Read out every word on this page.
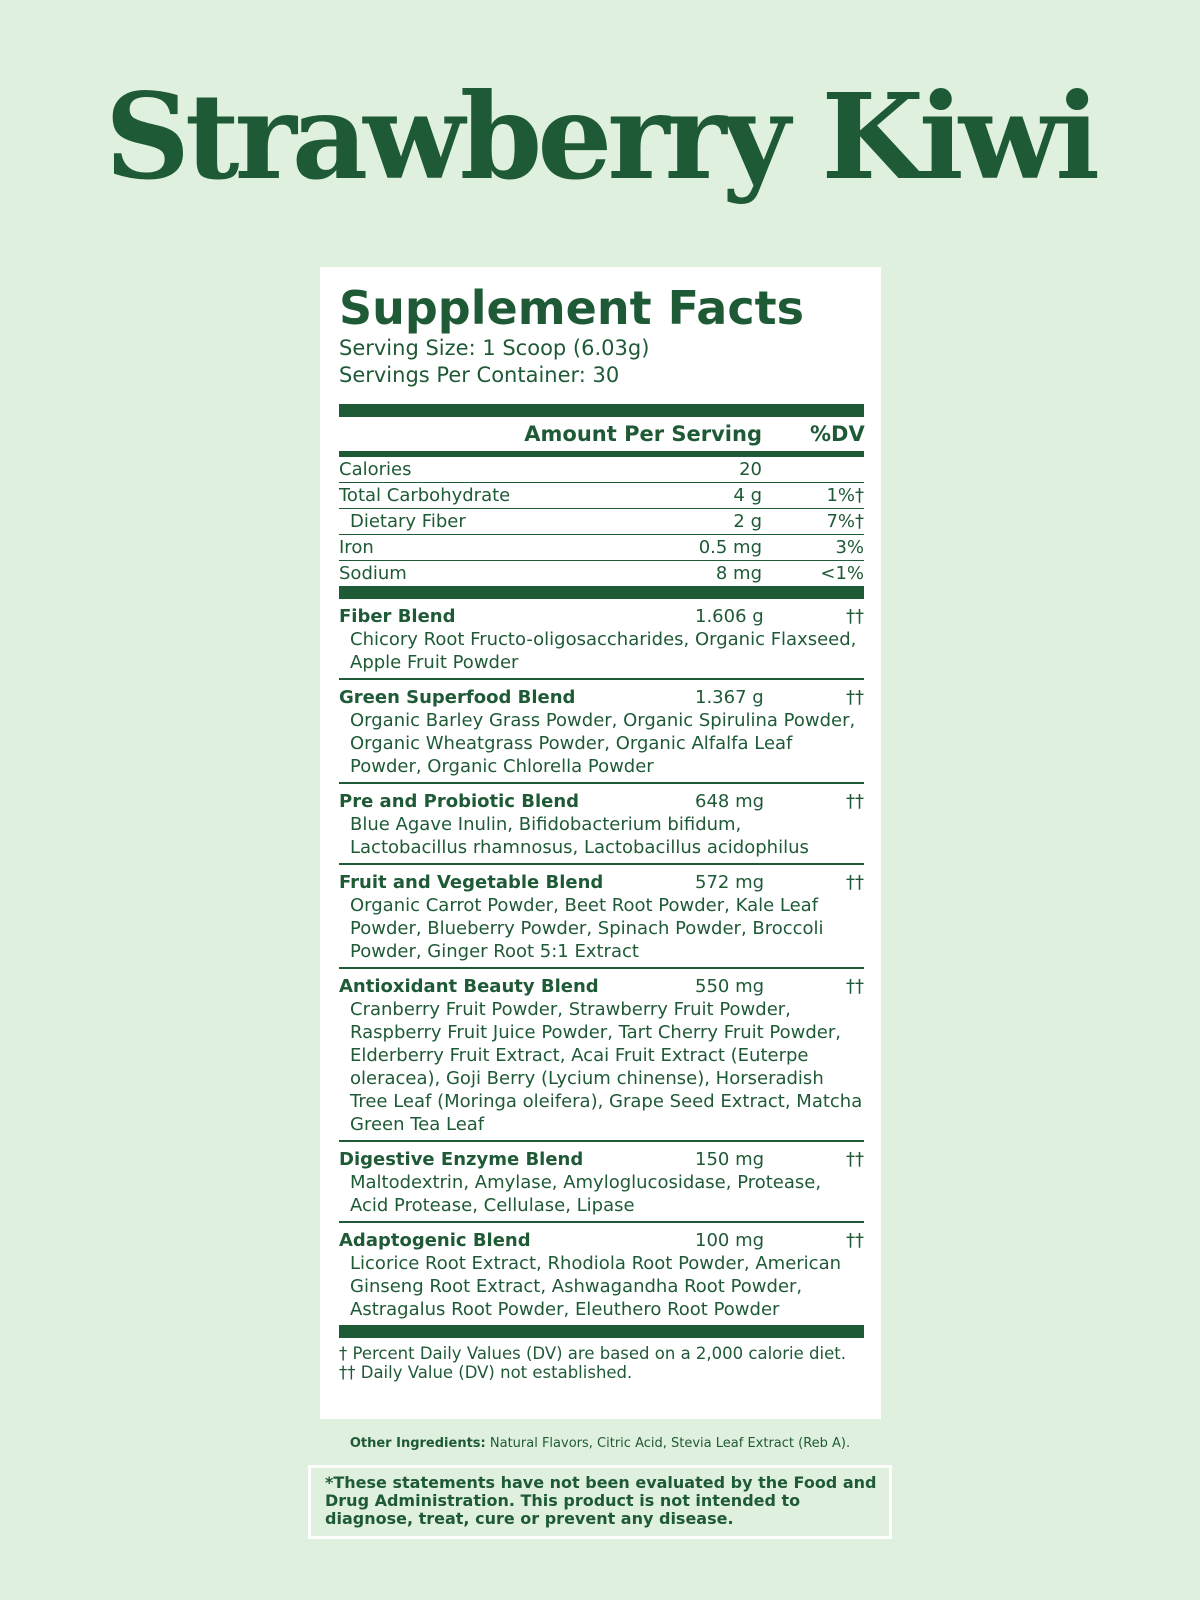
Strawberry Kiwi
Supplement Facts
Serving Size: 1 Scoop (6.03g)
Servings Per Container: 30
Amount Per Serving	%DV
Calories	20
Total Carbohydrate	4 g	1%†
Dietary Fiber	2 g	7%†
Iron	0.5 mg	3%
Sodium	8 mg	<1%
Fiber Blend	1.606 g	††
Chicory Root Fructo-oligosaccharides, Organic Flaxseed, Apple Fruit Powder
Green Superfood Blend	1.367 g	††
Organic Barley Grass Powder, Organic Spirulina Powder, Organic Wheatgrass Powder, Organic Alfalfa Leaf Powder, Organic Chlorella Powder
Pre and Probiotic Blend	648 mg	††
Blue Agave Inulin, Bifidobacterium bifidum, Lactobacillus rhamnosus, Lactobacillus acidophilus
Fruit and Vegetable Blend	572 mg	††
Organic Carrot Powder, Beet Root Powder, Kale Leaf Powder, Blueberry Powder, Spinach Powder, Broccoli Powder, Ginger Root 5:1 Extract
Antioxidant Beauty Blend	550 mg	††
Cranberry Fruit Powder, Strawberry Fruit Powder, Raspberry Fruit Juice Powder, Tart Cherry Fruit Powder, Elderberry Fruit Extract, Acai Fruit Extract (Euterpe oleracea), Goji Berry (Lycium chinense), Horseradish Tree Leaf (Moringa oleifera), Grape Seed Extract, Matcha Green Tea Leaf
Digestive Enzyme Blend	150 mg	††
Maltodextrin, Amylase, Amyloglucosidase, Protease, Acid Protease, Cellulase, Lipase
Adaptogenic Blend	100 mg	††
Licorice Root Extract, Rhodiola Root Powder, American Ginseng Root Extract, Ashwagandha Root Powder, Astragalus Root Powder, Eleuthero Root Powder
† Percent Daily Values (DV) are based on a 2,000 calorie diet.
†† Daily Value (DV) not established.
Other Ingredients: Natural Flavors, Citric Acid, Stevia Leaf Extract (Reb A).
*These statements have not been evaluated by the Food and Drug Administration. This product is not intended to diagnose, treat, cure or prevent any disease.
